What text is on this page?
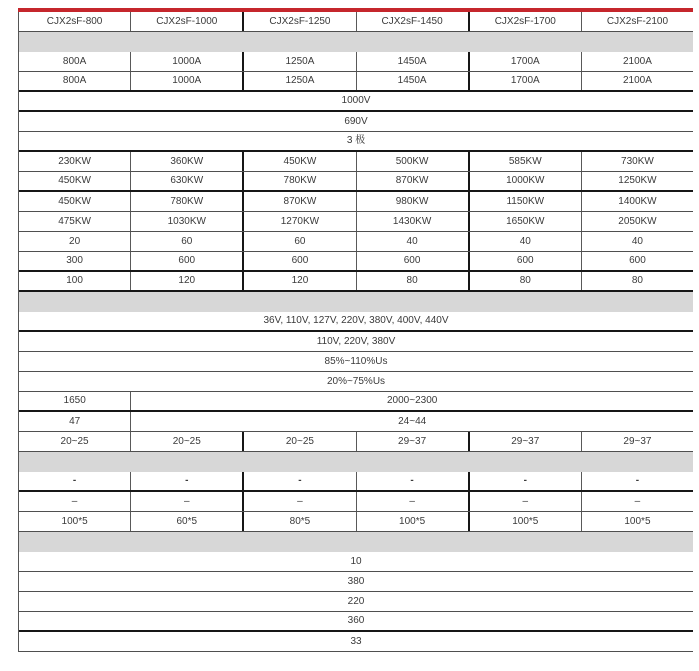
CJX2sF-800	CJX2sF-1000	CJX2sF-1250	CJX2sF-1450	CJX2sF-1700	CJX2sF-2100
800A	1000A	1250A	1450A	1700A	2100A
800A	1000A	1250A	1450A	1700A	2100A
1000V
690V
3 极
230KW	360KW	450KW	500KW	585KW	730KW
450KW	630KW	780KW	870KW	1000KW	1250KW
450KW	780KW	870KW	980KW	1150KW	1400KW
475KW	1030KW	1270KW	1430KW	1650KW	2050KW
20	60	60	40	40	40
300	600	600	600	600	600
100	120	120	80	80	80
36V, 110V, 127V, 220V, 380V, 400V, 440V
110V, 220V, 380V
85%~110%Us
20%~75%Us
1650	2000~2300
47	24~44
20~25	20~25	20~25	29~37	29~37	29~37
-	-	-	-	-	-
–	–	–	–	–	–
100*5	60*5	80*5	100*5	100*5	100*5
10
380
220
360
33
